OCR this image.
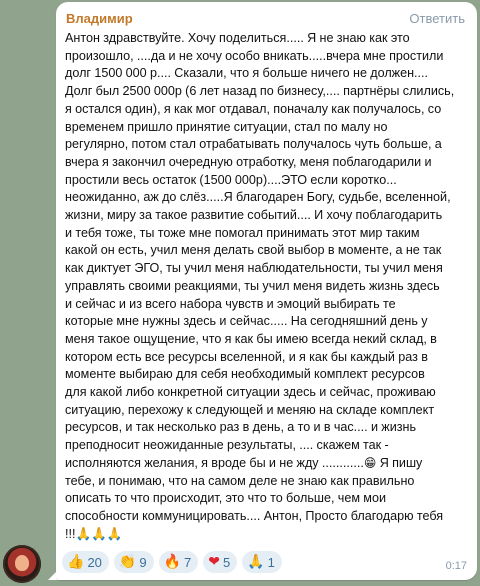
Владимир	Ответить
Антон здравствуйте. Хочу поделиться..... Я не знаю как это
произошло, ....да и не хочу особо вникать.....вчера мне простили
долг 1500 000 р.... Сказали, что я больше ничего не должен....
Долг был 2500 000р (6 лет назад по бизнесу,.... партнёры слились,
я остался один), я как мог отдавал, поначалу как получалось, со
временем пришло принятие ситуации, стал по малу но
регулярно, потом стал отрабатывать получалось чуть больше, а
вчера я закончил очередную отработку, меня поблагодарили и
простили весь остаток (1500 000р)....ЭТО если коротко...
неожиданно, аж до слёз.....Я благодарен Богу, судьбе, вселенной,
жизни, миру за такое развитие событий.... И хочу поблагодарить
и тебя тоже, ты тоже мне помогал принимать этот мир таким
какой он есть, учил меня делать свой выбор в моменте, а не так
как диктует ЭГО, ты учил меня наблюдательности, ты учил меня
управлять своими реакциями, ты учил меня видеть жизнь здесь
и сейчас и из всего набора чувств и эмоций выбирать те
которые мне нужны здесь и сейчас..... На сегодняшний день у
меня такое ощущение, что я как бы имею всегда некий склад, в
котором есть все ресурсы вселенной, и я как бы каждый раз в
моменте выбираю для себя необходимый комплект ресурсов
для какой либо конкретной ситуации здесь и сейчас, проживаю
ситуацию, перехожу к следующей и меняю на складе комплект
ресурсов, и так несколько раз в день, а то и в час.... и жизнь
преподносит неожиданные результаты, .... скажем так -
исполняются желания, я вроде бы и не жду ............😁 Я пишу
тебе, и понимаю, что на самом деле не знаю как правильно
описать то что происходит, это что то больше, чем мои
способности коммуницировать.... Антон, Просто благодарю тебя
!!!🙏🙏🙏
👍 20 👏 9 🔥 7 ❤ 5 🙏 1	0:17
